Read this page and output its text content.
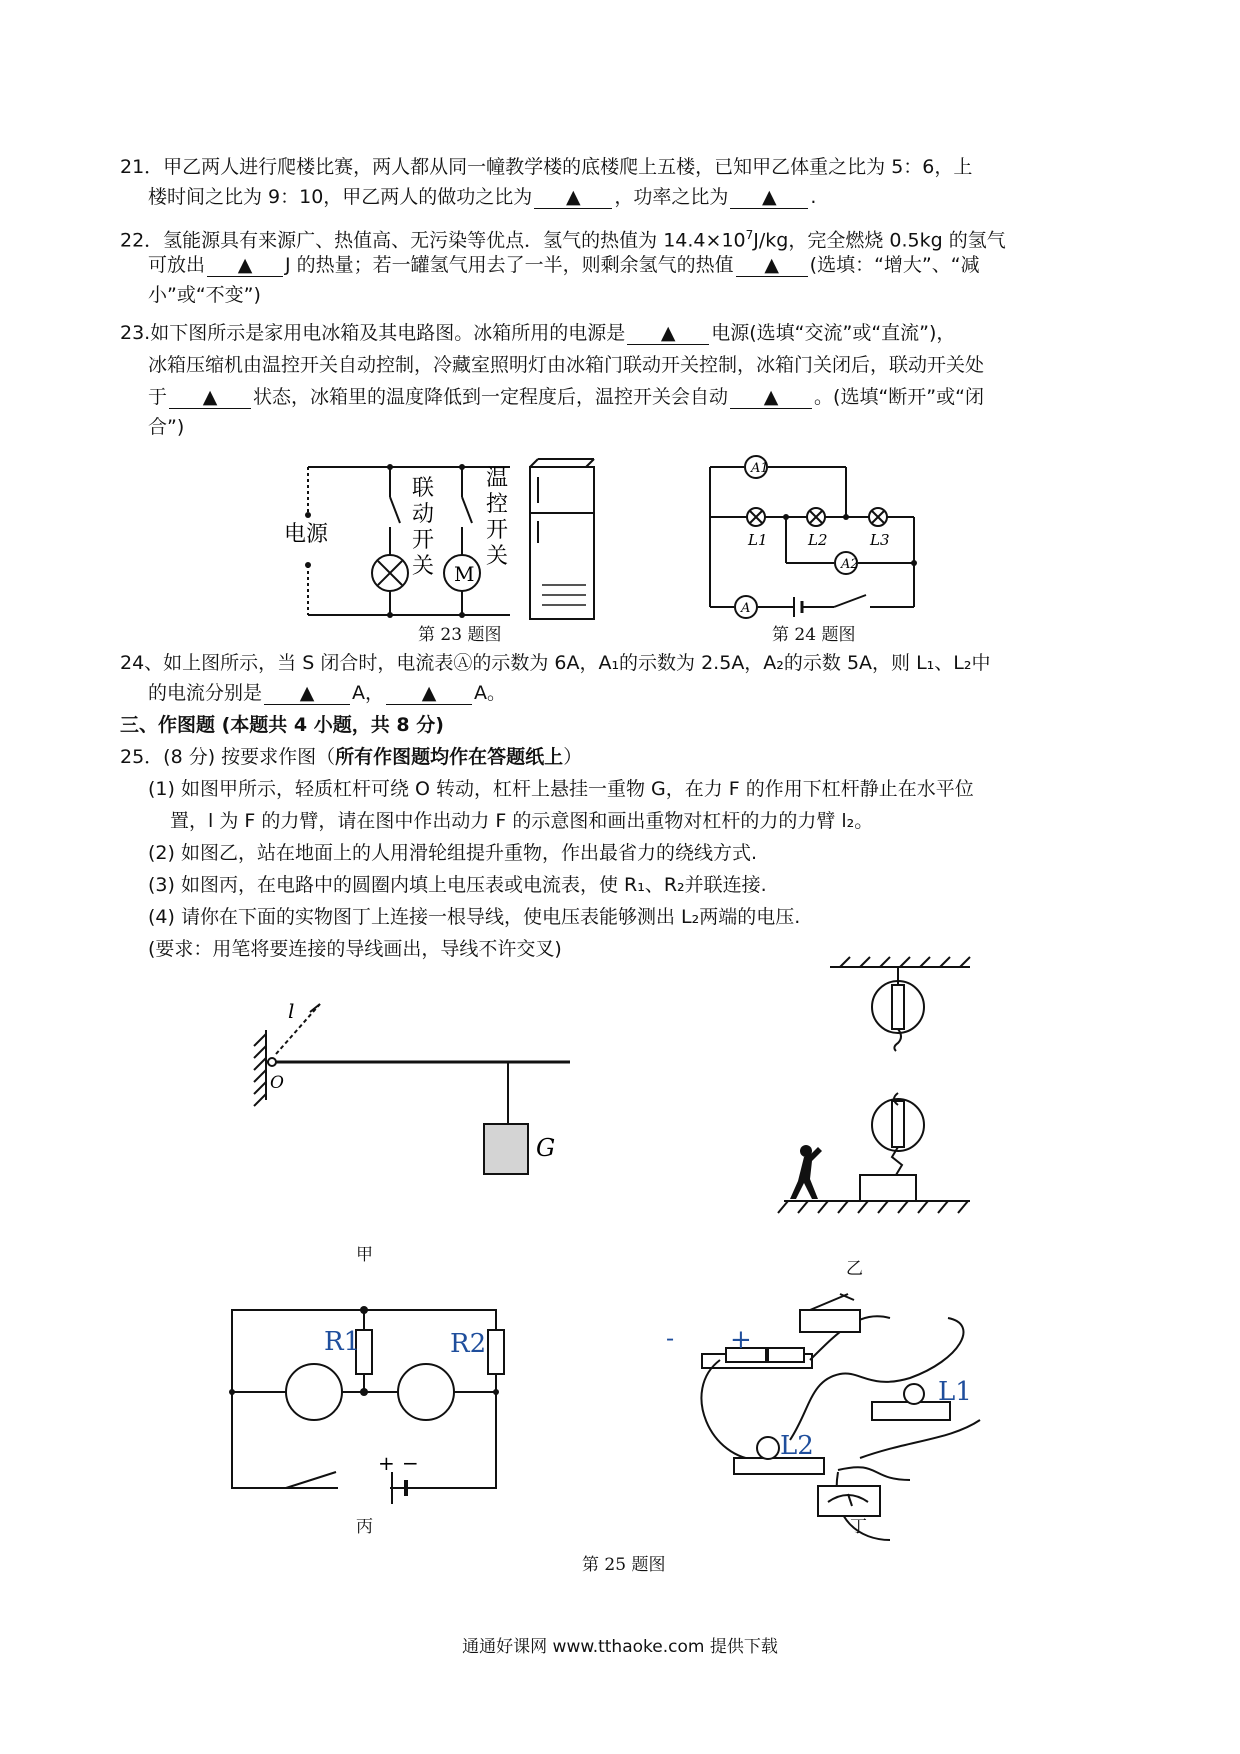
21．甲乙两人进行爬楼比赛，两人都从同一幢教学楼的底楼爬上五楼，已知甲乙体重之比为 5：6，上
楼时间之比为 9：10，甲乙两人的做功之比为 ▲ ，功率之比为 ▲ .
22．氢能源具有来源广、热值高、无污染等优点．氢气的热值为 $14.4\times 10^7J/kg$，完全燃烧 0.5kg 的氢气
可放出 ▲ J 的热量；若一罐氢气用去了一半，则剩余氢气的热值 ▲ (选填：“增大”、“减
小”或“不变”)
23.如下图所示是家用电冰箱及其电路图。冰箱所用的电源是 ▲ 电源(选填“交流”或“直流”)，
冰箱压缩机由温控开关自动控制，冷藏室照明灯由冰箱门联动开关控制，冰箱门关闭后，联动开关处
于 ▲ 状态，冰箱里的温度降低到一定程度后，温控开关会自动 ▲ 。(选填“断开”或“闭
合”)
电源
联
动
开
关
温
控
开
关
M
第 23 题图
A1
A2
A
L1	L2	L3
第 24 题图
24、如上图所示，当 S 闭合时，电流表Ⓐ的示数为 6A，A₁的示数为 2.5A，A₂的示数 5A，则 L₁、L₂中
的电流分别是 ▲ A， ▲ A。
三、作图题 (本题共 4 小题，共 8 分)
25．(8 分) 按要求作图（所有作图题均作在答题纸上）
(1) 如图甲所示，轻质杠杆可绕 O 转动，杠杆上悬挂一重物 G，在力 F 的作用下杠杆静止在水平位
置，l 为 F 的力臂，请在图中作出动力 F 的示意图和画出重物对杠杆的力的力臂 l₂。
(2) 如图乙，站在地面上的人用滑轮组提升重物，作出最省力的绕线方式.
(3) 如图丙，在电路中的圆圈内填上电压表或电流表，使 R₁、R₂并联连接.
(4) 请你在下面的实物图丁上连接一根导线，使电压表能够测出 L₂两端的电压.
(要求：用笔将要连接的导线画出，导线不许交叉)
l
O
G
甲
乙
R1	R2
+ −
丙
- +
L1
L2
丁
第 25 题图
通通好课网 www.tthaoke.com 提供下载
